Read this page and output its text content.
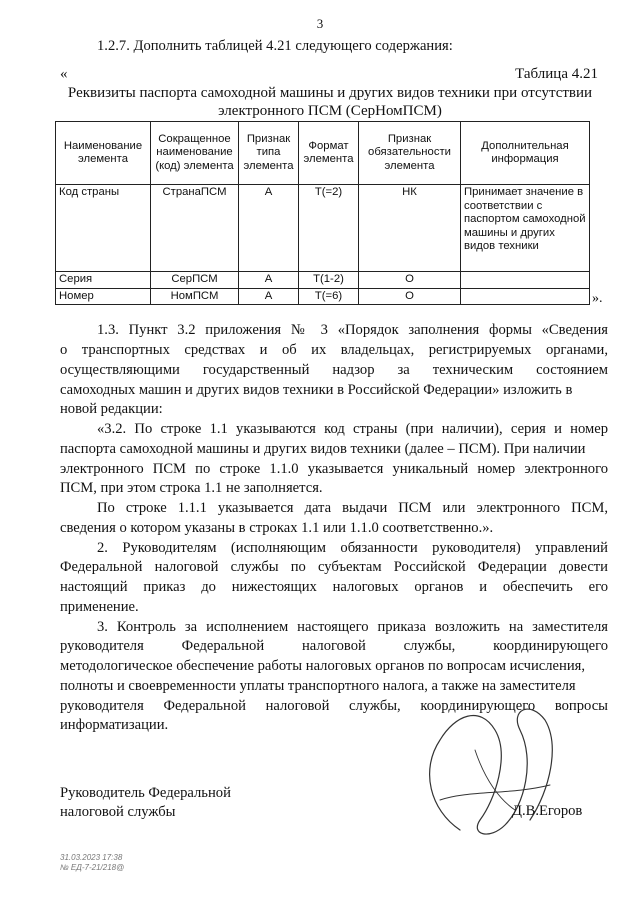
3
1.2.7. Дополнить таблицей 4.21 следующего содержания:
«	Таблица 4.21
Реквизиты паспорта самоходной машины и других видов техники при отсутствии
электронного ПСМ (СерНомПСМ)
Наименование элемента	Сокращенное наименование (код) элемента	Признак типа элемента	Формат элемента	Признак обязательности элемента	Дополнительная информация
Код страны	СтранаПСМ	А	Т(=2)	НК	Принимает значение в соответствии с паспортом самоходной машины и других видов техники
Серия	СерПСМ	А	Т(1-2)	О	
Номер	НомПСМ	А	Т(=6)	О		».
1.3. Пункт 3.2 приложения № 3 «Порядок заполнения формы «Сведения
о транспортных средствах и об их владельцах, регистрируемых органами,
осуществляющими государственный надзор за техническим состоянием
самоходных машин и других видов техники в Российской Федерации» изложить в
новой редакции:
«3.2. По строке 1.1 указываются код страны (при наличии), серия и номер
паспорта самоходной машины и других видов техники (далее – ПСМ). При наличии
электронного ПСМ по строке 1.1.0 указывается уникальный номер электронного
ПСМ, при этом строка 1.1 не заполняется.
По строке 1.1.1 указывается дата выдачи ПСМ или электронного ПСМ,
сведения о котором указаны в строках 1.1 или 1.1.0 соответственно.».
2. Руководителям (исполняющим обязанности руководителя) управлений
Федеральной налоговой службы по субъектам Российской Федерации довести
настоящий приказ до нижестоящих налоговых органов и обеспечить его
применение.
3. Контроль за исполнением настоящего приказа возложить на заместителя
руководителя Федеральной налоговой службы, координирующего
методологическое обеспечение работы налоговых органов по вопросам исчисления,
полноты и своевременности уплаты транспортного налога, а также на заместителя
руководителя Федеральной налоговой службы, координирующего вопросы
информатизации.
Руководитель Федеральной
налоговой службы	Д.В.Егоров
31.03.2023 17:38
№ ЕД-7-21/218@
